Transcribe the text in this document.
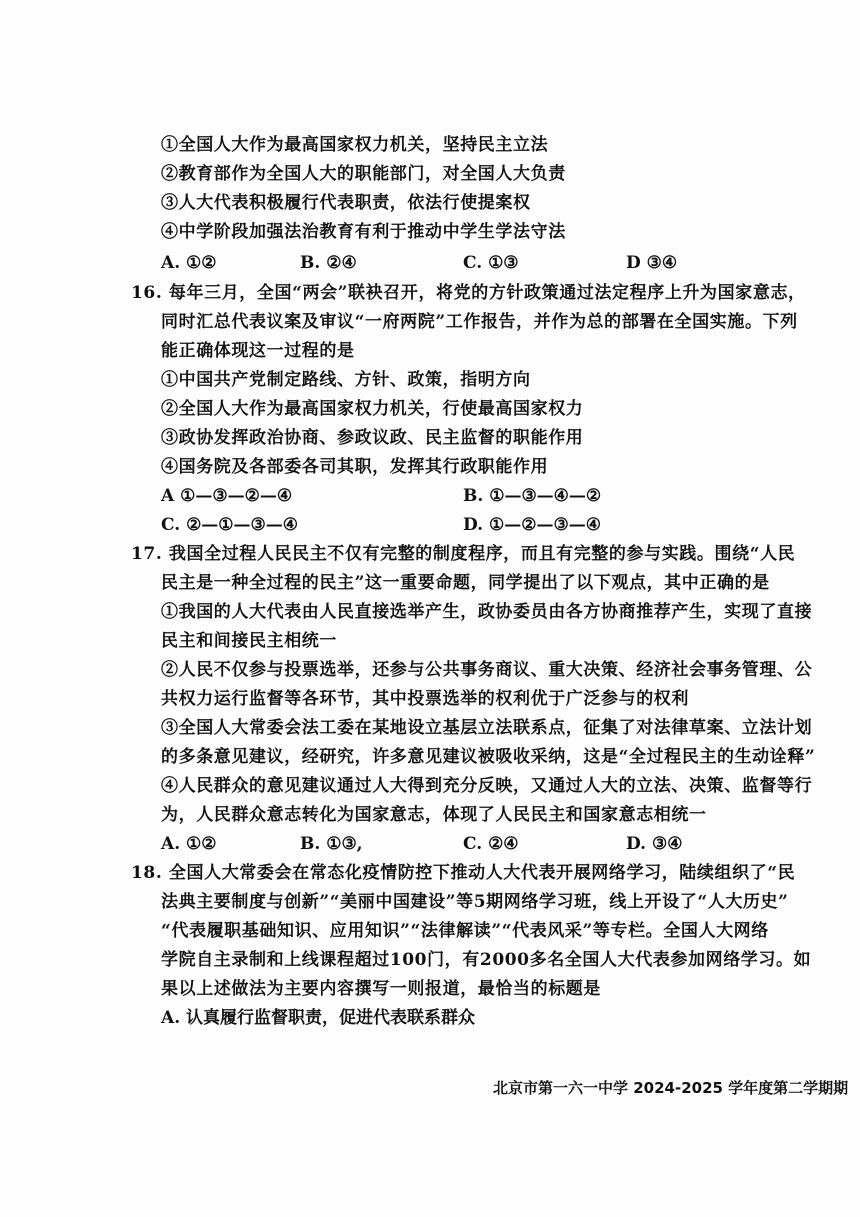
①全国人大作为最高国家权力机关，坚持民主立法
②教育部作为全国人大的职能部门，对全国人大负责
③人大代表积极履行代表职责，依法行使提案权
④中学阶段加强法治教育有利于推动中学生学法守法
A. ①②	B. ②④	C. ①③	D ③④
16. 每年三月，全国“两会”联袂召开，将党的方针政策通过法定程序上升为国家意志，
同时汇总代表议案及审议“一府两院”工作报告，并作为总的部署在全国实施。下列
能正确体现这一过程的是
①中国共产党制定路线、方针、政策，指明方向
②全国人大作为最高国家权力机关，行使最高国家权力
③政协发挥政治协商、参政议政、民主监督的职能作用
④国务院及各部委各司其职，发挥其行政职能作用
A ①—③—②—④	B. ①—③—④—②
C. ②—①—③—④	D. ①—②—③—④
17. 我国全过程人民民主不仅有完整的制度程序，而且有完整的参与实践。围绕“人民
民主是一种全过程的民主”这一重要命题，同学提出了以下观点，其中正确的是
①我国的人大代表由人民直接选举产生，政协委员由各方协商推荐产生，实现了直接
民主和间接民主相统一
②人民不仅参与投票选举，还参与公共事务商议、重大决策、经济社会事务管理、公
共权力运行监督等各环节，其中投票选举的权利优于广泛参与的权利
③全国人大常委会法工委在某地设立基层立法联系点，征集了对法律草案、立法计划
的多条意见建议，经研究，许多意见建议被吸收采纳，这是“全过程民主的生动诠释”
④人民群众的意见建议通过人大得到充分反映，又通过人大的立法、决策、监督等行
为，人民群众意志转化为国家意志，体现了人民民主和国家意志相统一
A. ①②	B. ①③,	C. ②④	D. ③④
18. 全国人大常委会在常态化疫情防控下推动人大代表开展网络学习，陆续组织了“民
法典主要制度与创新”“美丽中国建设”等5期网络学习班，线上开设了“人大历史”
“代表履职基础知识、应用知识”“法律解读”“代表风采”等专栏。全国人大网络
学院自主录制和上线课程超过100门，有2000多名全国人大代表参加网络学习。如
果以上述做法为主要内容撰写一则报道，最恰当的标题是
A. 认真履行监督职责，促进代表联系群众
北京市第一六一中学 2024-2025 学年度第二学期期
